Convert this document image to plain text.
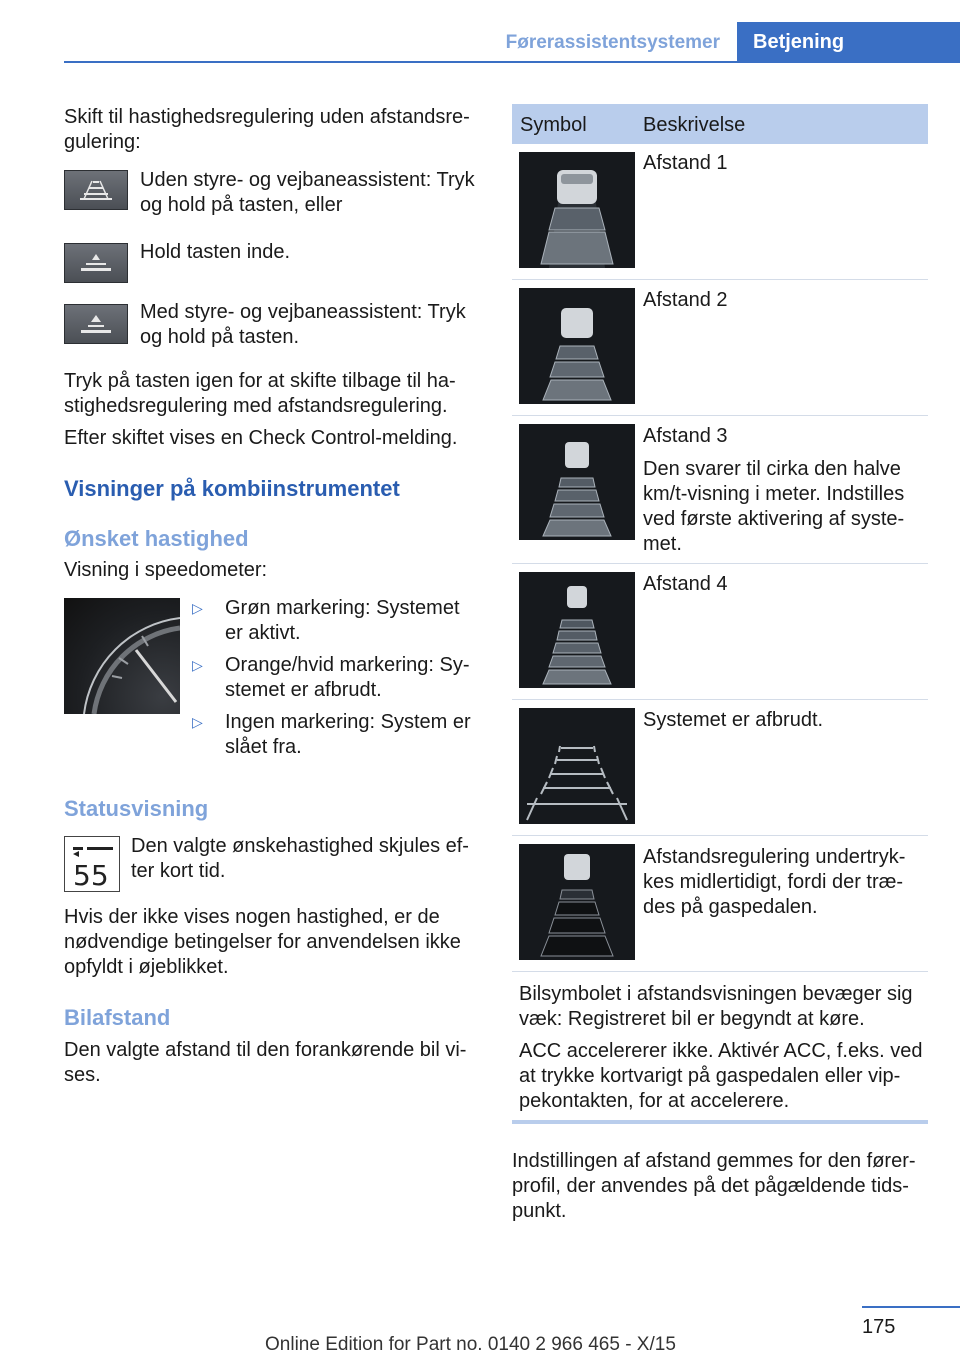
Førerassistentsystemer	Betjening
Skift til hastighedsregulering uden afstandsre-
gulering:
Uden styre- og vejbaneassistent: Tryk
og hold på tasten, eller
Hold tasten inde.
Med styre- og vejbaneassistent: Tryk
og hold på tasten.
Tryk på tasten igen for at skifte tilbage til ha-
stighedsregulering med afstandsregulering.
Efter skiftet vises en Check Control-melding.
Visninger på kombiinstrumentet
Ønsket hastighed
Visning i speedometer:
▷ Grøn markering: Systemet
er aktivt.
▷ Orange/hvid markering: Sy-
stemet er afbrudt.
▷ Ingen markering: System er
slået fra.
Statusvisning
55
Den valgte ønskehastighed skjules ef-
ter kort tid.
Hvis der ikke vises nogen hastighed, er de
nødvendige betingelser for anvendelsen ikke
opfyldt i øjeblikket.
Bilafstand
Den valgte afstand til den forankørende bil vi-
ses.
Symbol	Beskrivelse
Afstand 1
Afstand 2
Afstand 3
Den svarer til cirka den halve
km/t-visning i meter. Indstilles
ved første aktivering af syste-
met.
Afstand 4
Systemet er afbrudt.
Afstandsregulering undertryk-
kes midlertidigt, fordi der træ-
des på gaspedalen.
Bilsymbolet i afstandsvisningen bevæger sig
væk: Registreret bil er begyndt at køre.
ACC accelererer ikke. Aktivér ACC, f.eks. ved
at trykke kortvarigt på gaspedalen eller vip-
pekontakten, for at accelerere.
Indstillingen af afstand gemmes for den fører-
profil, der anvendes på det pågældende tids-
punkt.
175
Online Edition for Part no. 0140 2 966 465 - X/15
